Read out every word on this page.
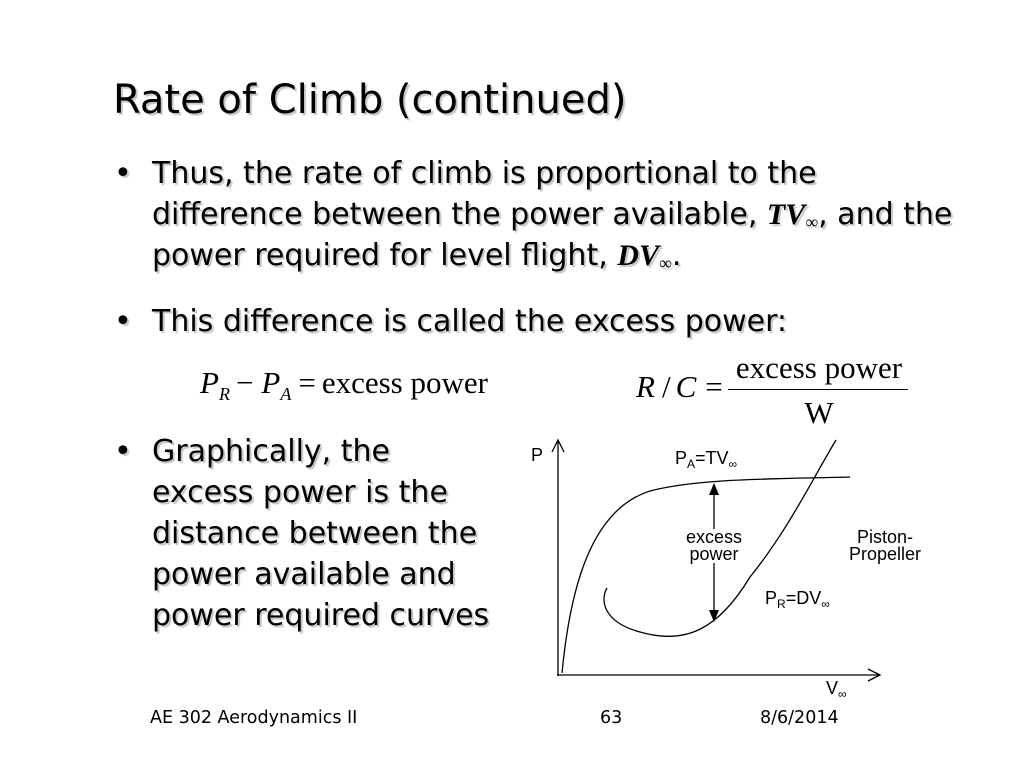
Rate of Climb (continued)
• Thus, the rate of climb is proportional to the
difference between the power available, TV∞, and the
power required for level flight, DV∞.
• This difference is called the excess power:
$P_R - P_A$ = excess power	R / C =
excess power
W
• Graphically, the
excess power is the
distance between the
power available and
power required curves
P	$P_A=TV_\infty$
excess
power
Piston-
Propeller
$P_R=DV_\infty$
$V_\infty$
AE 302 Aerodynamics II	63	8/6/2014
